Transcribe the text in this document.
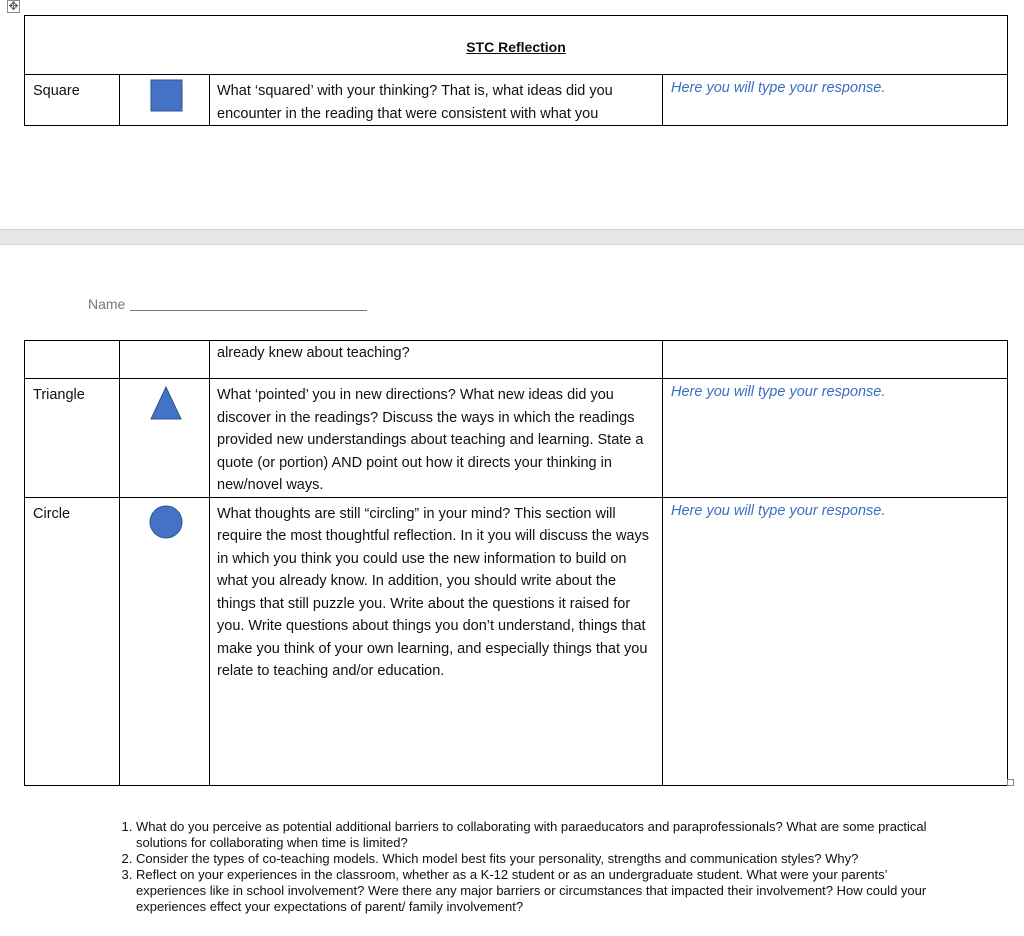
✥
STC Reflection
Square		What ‘squared’ with your thinking? That is, what ideas did you encounter in the reading that were consistent with what you	Here you will type your response.
Name
		already knew about teaching?	
Triangle		What ‘pointed’ you in new directions? What new ideas did you discover in the readings? Discuss the ways in which the readings provided new understandings about teaching and learning. State a quote (or portion) AND point out how it directs your thinking in new/novel ways.	Here you will type your response.
Circle		What thoughts are still “circling” in your mind? This section will require the most thoughtful reflection. In it you will discuss the ways in which you think you could use the new information to build on what you already know. In addition, you should write about the things that still puzzle you. Write about the questions it raised for you. Write questions about things you don’t understand, things that make you think of your own learning, and especially things that you relate to teaching and/or education.	Here you will type your response.
1. What do you perceive as potential additional barriers to collaborating with paraeducators and paraprofessionals? What are some practical solutions for collaborating when time is limited?
2. Consider the types of co-teaching models. Which model best fits your personality, strengths and communication styles? Why?
3. Reflect on your experiences in the classroom, whether as a K-12 student or as an undergraduate student. What were your parents’ experiences like in school involvement? Were there any major barriers or circumstances that impacted their involvement? How could your experiences effect your expectations of parent/ family involvement?
